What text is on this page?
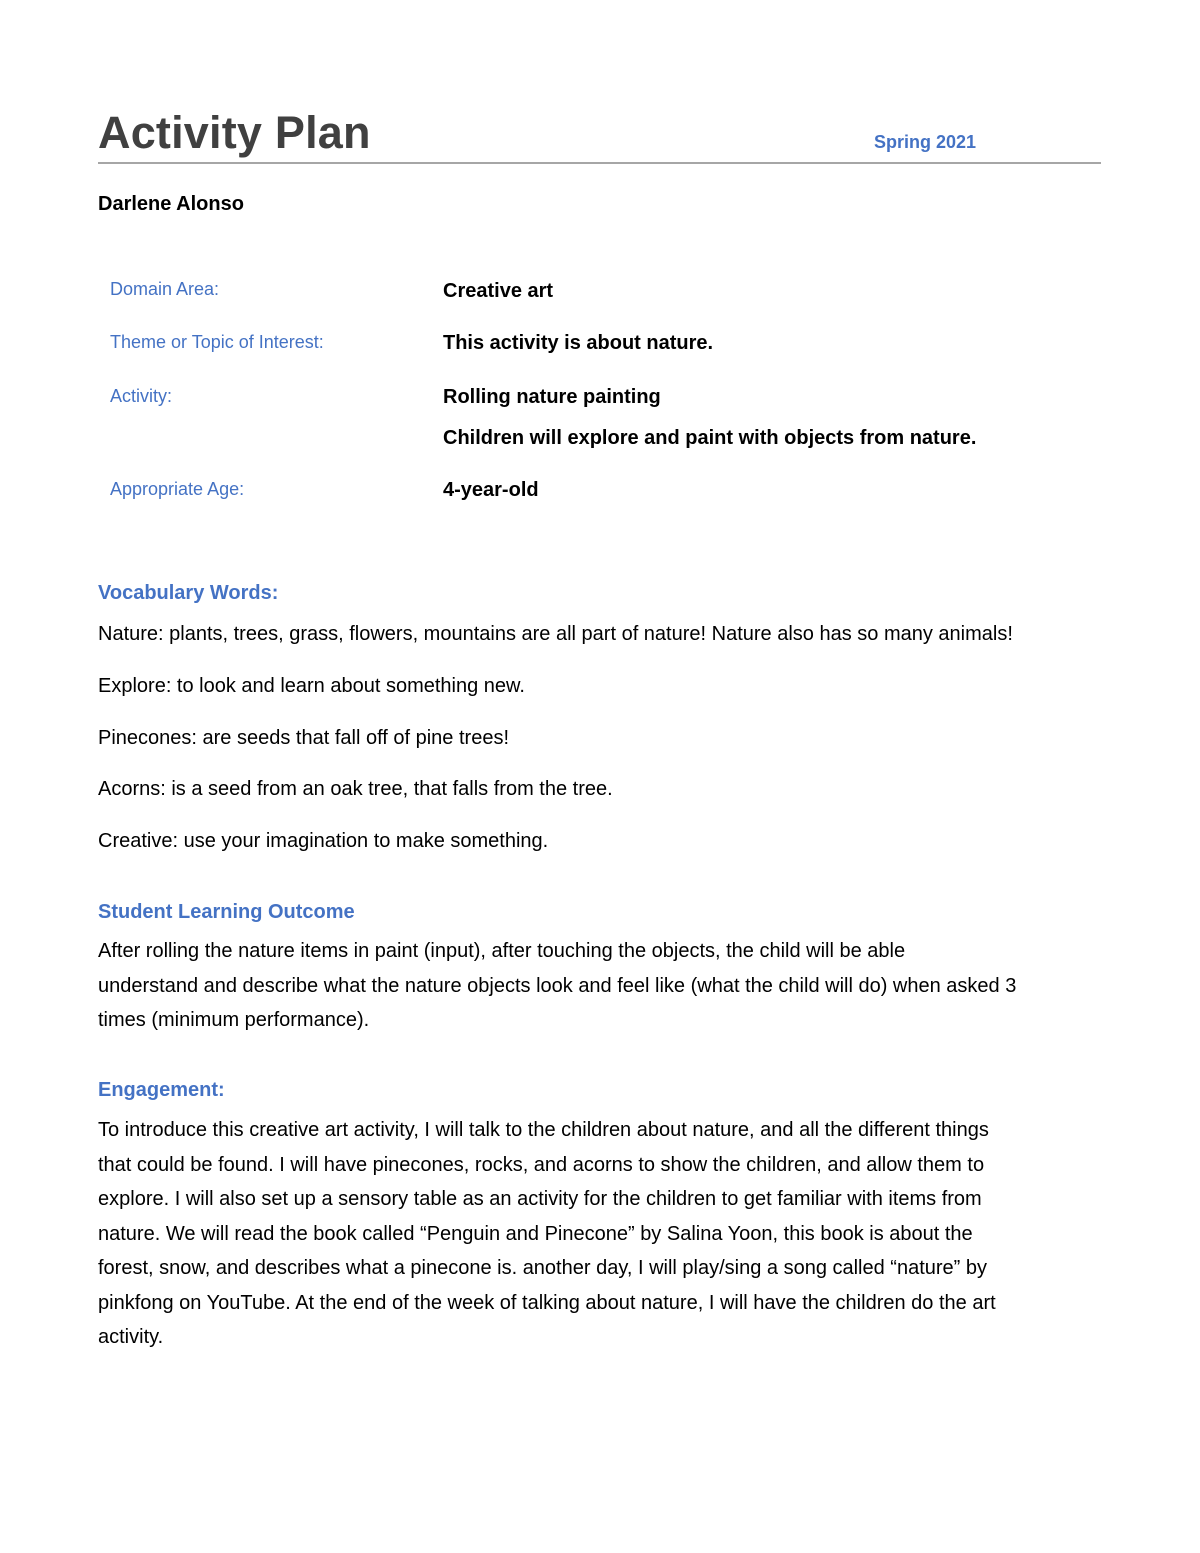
Activity Plan	Spring 2021
Darlene Alonso
Domain Area:	Creative art
Theme or Topic of Interest:	This activity is about nature.
Activity:	Rolling nature painting
Children will explore and paint with objects from nature.
Appropriate Age:	4-year-old
Vocabulary Words:
Nature: plants, trees, grass, flowers, mountains are all part of nature! Nature also has so many animals!
Explore: to look and learn about something new.
Pinecones: are seeds that fall off of pine trees!
Acorns: is a seed from an oak tree, that falls from the tree.
Creative: use your imagination to make something.
Student Learning Outcome
After rolling the nature items in paint (input), after touching the objects, the child will be able
understand and describe what the nature objects look and feel like (what the child will do) when asked 3
times (minimum performance).
Engagement:
To introduce this creative art activity, I will talk to the children about nature, and all the different things
that could be found. I will have pinecones, rocks, and acorns to show the children, and allow them to
explore. I will also set up a sensory table as an activity for the children to get familiar with items from
nature. We will read the book called “Penguin and Pinecone” by Salina Yoon, this book is about the
forest, snow, and describes what a pinecone is. another day, I will play/sing a song called “nature” by
pinkfong on YouTube. At the end of the week of talking about nature, I will have the children do the art
activity.
